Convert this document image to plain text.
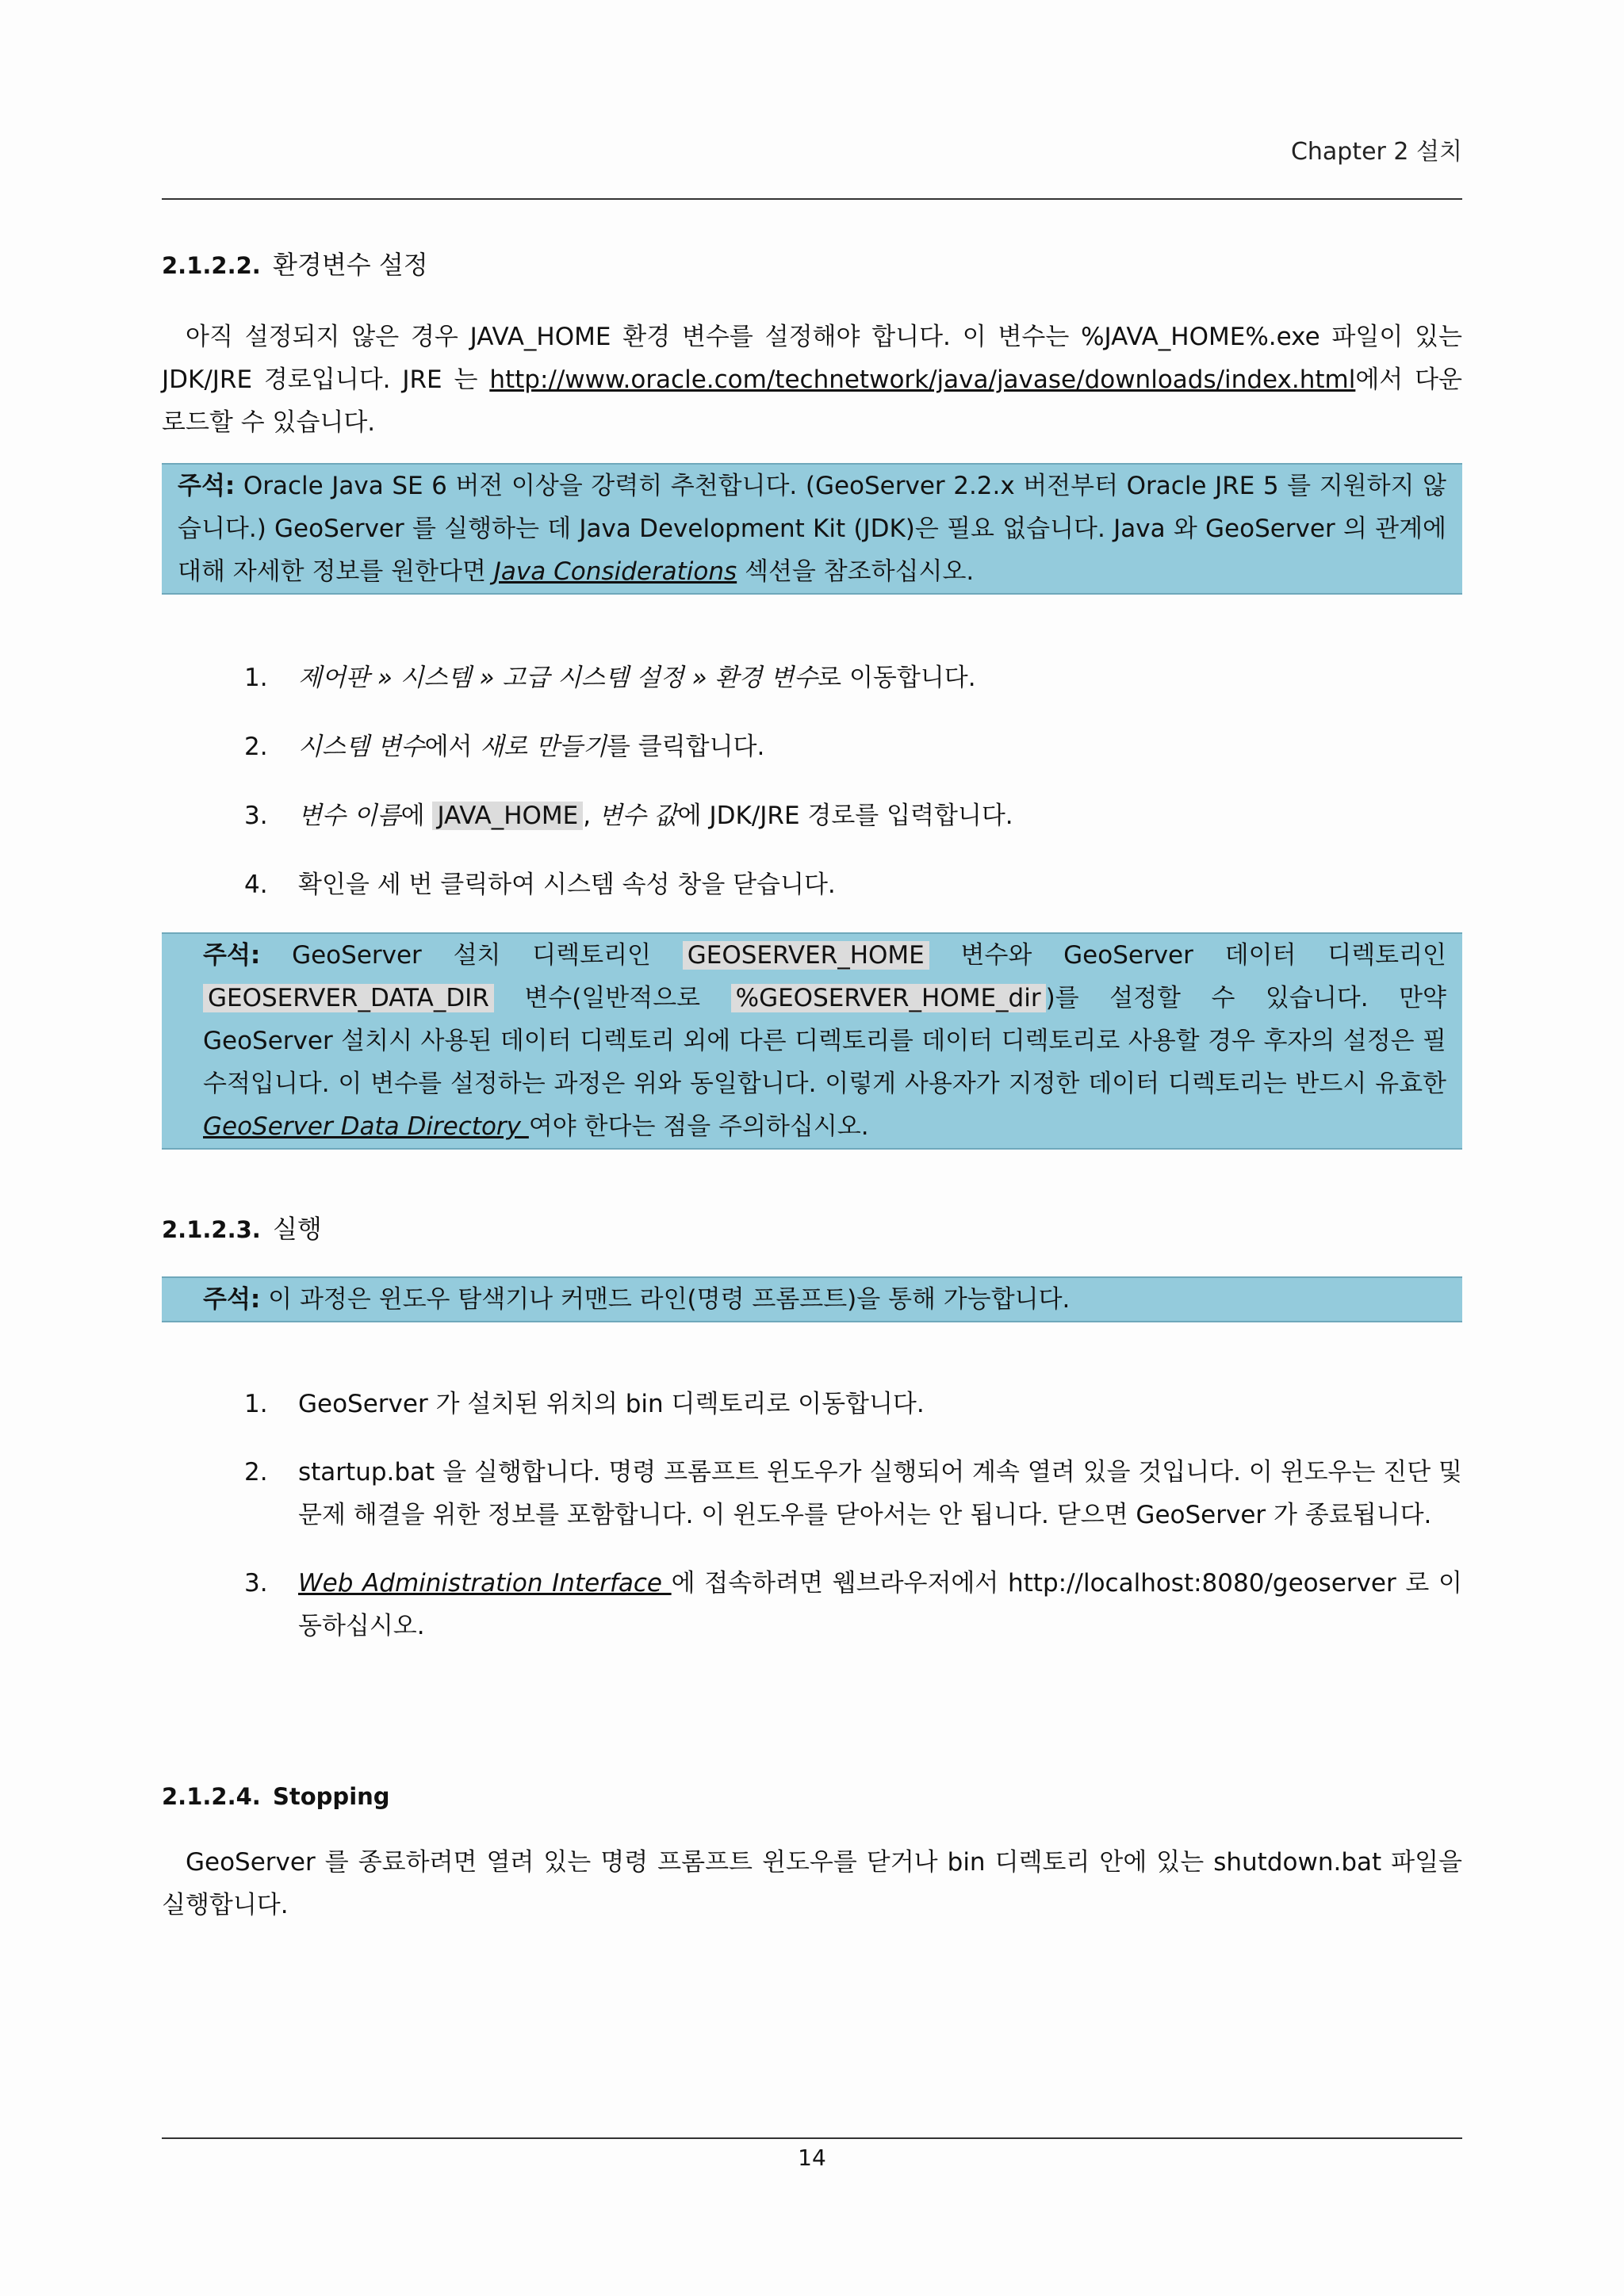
Chapter 2 설치
2.1.2.2. 환경변수 설정
아직 설정되지 않은 경우 JAVA_HOME 환경 변수를 설정해야 합니다. 이 변수는 %JAVA_HOME%.exe 파일이 있는 JDK/JRE 경로입니다. JRE 는 http://www.oracle.com/technetwork/java/javase/downloads/index.html에서 다운로드할 수 있습니다.
주석: Oracle Java SE 6 버전 이상을 강력히 추천합니다. (GeoServer 2.2.x 버전부터 Oracle JRE 5 를 지원하지 않습니다.) GeoServer 를 실행하는 데 Java Development Kit (JDK)은 필요 없습니다. Java 와 GeoServer 의 관계에 대해 자세한 정보를 원한다면 Java Considerations 섹션을 참조하십시오.
1. 제어판 » 시스템 » 고급 시스템 설정 » 환경 변수로 이동합니다.
2. 시스템 변수에서 새로 만들기를 클릭합니다.
3. 변수 이름에 JAVA_HOME , 변수 값에 JDK/JRE 경로를 입력합니다.
4. 확인을 세 번 클릭하여 시스템 속성 창을 닫습니다.
주석: GeoServer 설치 디렉토리인 GEOSERVER_HOME 변수와 GeoServer 데이터 디렉토리인 GEOSERVER_DATA_DIR 변수(일반적으로 %GEOSERVER_HOME_dir )를 설정할 수 있습니다. 만약 GeoServer 설치시 사용된 데이터 디렉토리 외에 다른 디렉토리를 데이터 디렉토리로 사용할 경우 후자의 설정은 필수적입니다. 이 변수를 설정하는 과정은 위와 동일합니다. 이렇게 사용자가 지정한 데이터 디렉토리는 반드시 유효한 GeoServer Data Directory 여야 한다는 점을 주의하십시오.
2.1.2.3. 실행
주석: 이 과정은 윈도우 탐색기나 커맨드 라인(명령 프롬프트)을 통해 가능합니다.
1. GeoServer 가 설치된 위치의 bin 디렉토리로 이동합니다.
2. startup.bat 을 실행합니다. 명령 프롬프트 윈도우가 실행되어 계속 열려 있을 것입니다. 이 윈도우는 진단 및 문제 해결을 위한 정보를 포함합니다. 이 윈도우를 닫아서는 안 됩니다. 닫으면 GeoServer 가 종료됩니다.
3. Web Administration Interface 에 접속하려면 웹브라우저에서 http://localhost:8080/geoserver 로 이동하십시오.
2.1.2.4. Stopping
GeoServer 를 종료하려면 열려 있는 명령 프롬프트 윈도우를 닫거나 bin 디렉토리 안에 있는 shutdown.bat 파일을 실행합니다.
14
